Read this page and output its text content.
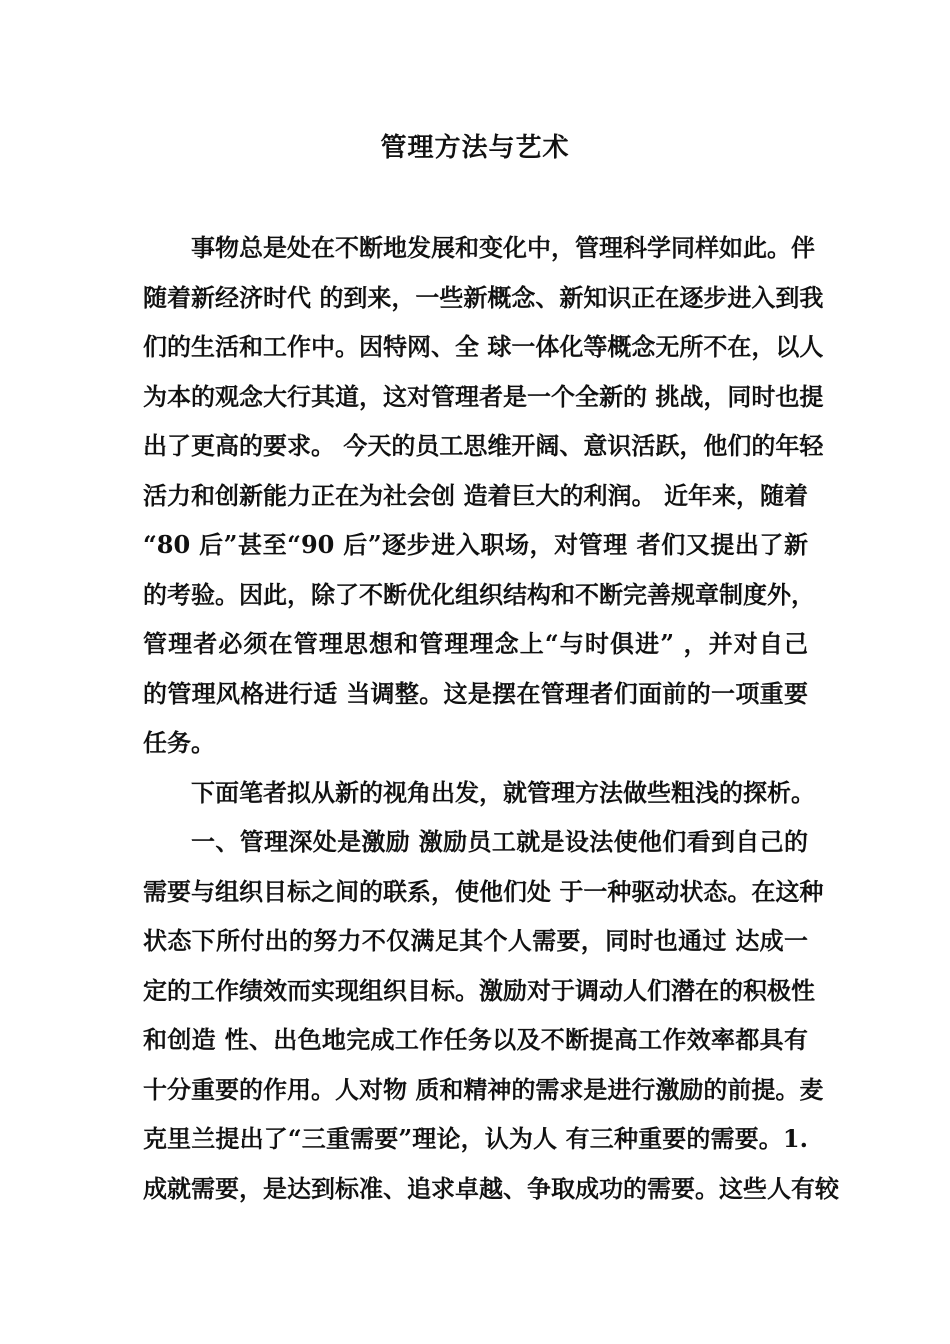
管理方法与艺术
事物总是处在不断地发展和变化中，管理科学同样如此。伴
随着新经济时代 的到来，一些新概念、新知识正在逐步进入到我
们的生活和工作中。因特网、全 球一体化等概念无所不在，以人
为本的观念大行其道，这对管理者是一个全新的 挑战，同时也提
出了更高的要求。 今天的员工思维开阔、意识活跃，他们的年轻
活力和创新能力正在为社会创 造着巨大的利润。 近年来，随着
“80 后”甚至“90 后”逐步进入职场，对管理 者们又提出了新
的考验。因此，除了不断优化组织结构和不断完善规章制度外，
管理者必须在管理思想和管理理念上“与时俱进” ，并对自己
的管理风格进行适 当调整。这是摆在管理者们面前的一项重要
任务。
下面笔者拟从新的视角出发，就管理方法做些粗浅的探析。
一、管理深处是激励 激励员工就是设法使他们看到自己的
需要与组织目标之间的联系，使他们处 于一种驱动状态。在这种
状态下所付出的努力不仅满足其个人需要，同时也通过 达成一
定的工作绩效而实现组织目标。激励对于调动人们潜在的积极性
和创造 性、出色地完成工作任务以及不断提高工作效率都具有
十分重要的作用。人对物 质和精神的需求是进行激励的前提。麦
克里兰提出了“三重需要”理论，认为人 有三种重要的需要。1.
成就需要，是达到标准、追求卓越、争取成功的需要。这些人有较
